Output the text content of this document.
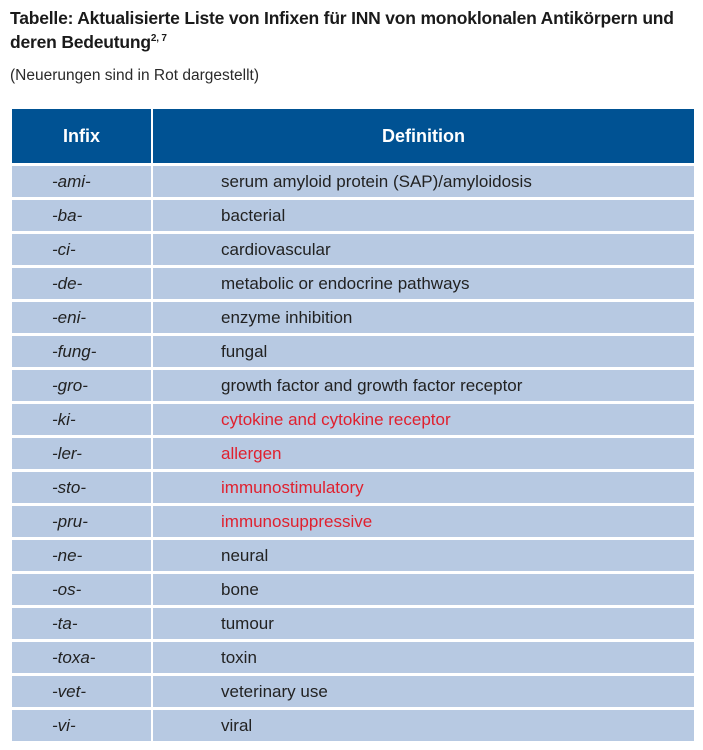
Tabelle: Aktualisierte Liste von Infixen für INN von monoklonalen Antikörpern und deren Bedeutung$^{2, 7}$
(Neuerungen sind in Rot dargestellt)
Infix	Definition
-ami-	serum amyloid protein (SAP)/amyloidosis
-ba-	bacterial
-ci-	cardiovascular
-de-	metabolic or endocrine pathways
-eni-	enzyme inhibition
-fung-	fungal
-gro-	growth factor and growth factor receptor
-ki-	cytokine and cytokine receptor
-ler-	allergen
-sto-	immunostimulatory
-pru-	immunosuppressive
-ne-	neural
-os-	bone
-ta-	tumour
-toxa-	toxin
-vet-	veterinary use
-vi-	viral
